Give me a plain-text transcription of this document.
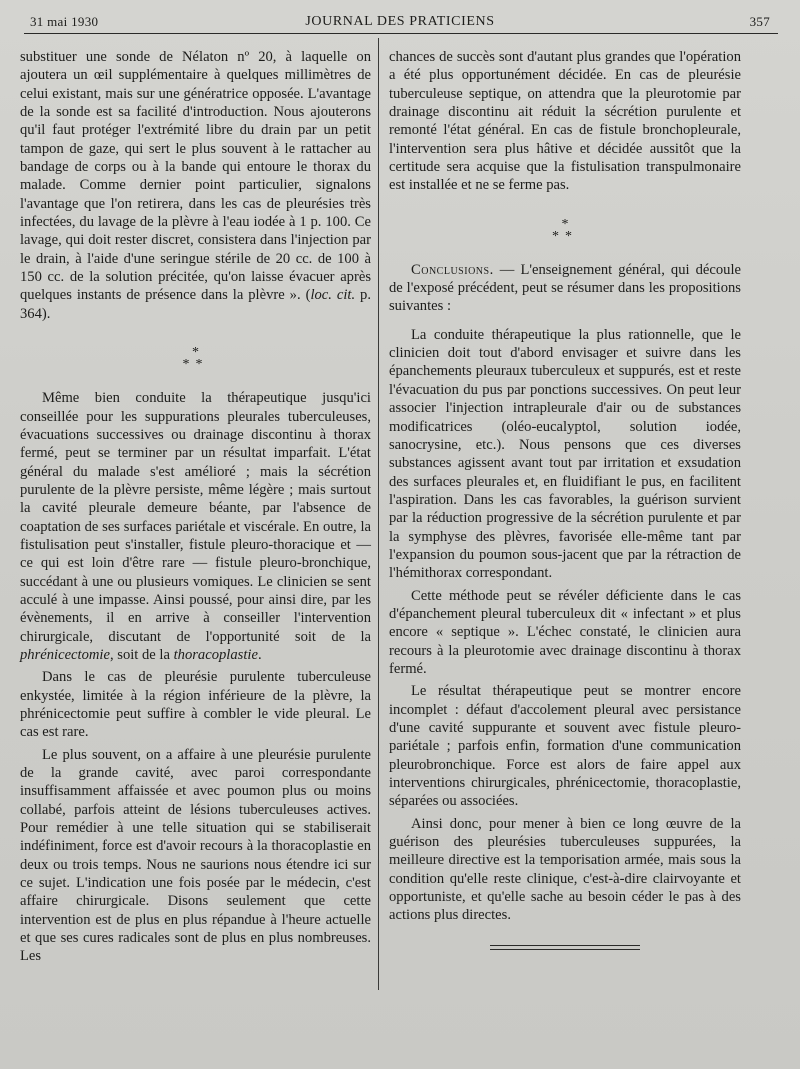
31 mai 1930	JOURNAL DES PRATICIENS	357

substituer une sonde de Nélaton nº 20, à laquelle on ajoutera un œil supplémentaire à quelques millimètres de celui existant, mais sur une génératrice opposée. L'avantage de la sonde est sa facilité d'introduction. Nous ajouterons qu'il faut protéger l'extrémité libre du drain par un petit tampon de gaze, qui sert le plus souvent à le rattacher au bandage de corps ou à la bande qui entoure le thorax du malade. Comme dernier point particulier, signalons l'avantage que l'on retirera, dans les cas de pleurésies très infectées, du lavage de la plèvre à l'eau iodée à 1 p. 100. Ce lavage, qui doit rester discret, consistera dans l'injection par le drain, à l'aide d'une seringue stérile de 20 cc. de 100 à 150 cc. de la solution précitée, qu'on laisse évacuer après quelques instants de présence dans la plèvre ». (loc. cit. p. 364).

*
**

Même bien conduite la thérapeutique jusqu'ici conseillée pour les suppurations pleurales tuberculeuses, évacuations successives ou drainage discontinu à thorax fermé, peut se terminer par un résultat imparfait. L'état général du malade s'est amélioré ; mais la sécrétion purulente de la plèvre persiste, même légère ; mais surtout la cavité pleurale demeure béante, par l'absence de coaptation de ses surfaces pariétale et viscérale. En outre, la fistulisation peut s'installer, fistule pleuro-thoracique et — ce qui est loin d'être rare — fistule pleuro-bronchique, succédant à une ou plusieurs vomiques. Le clinicien se sent acculé à une impasse. Ainsi poussé, pour ainsi dire, par les évènements, il en arrive à conseiller l'intervention chirurgicale, discutant de l'opportunité soit de la phrénicectomie, soit de la thoracoplastie.

Dans le cas de pleurésie purulente tuberculeuse enkystée, limitée à la région inférieure de la plèvre, la phrénicectomie peut suffire à combler le vide pleural. Le cas est rare.

Le plus souvent, on a affaire à une pleurésie purulente de la grande cavité, avec paroi correspondante insuffisamment affaissée et avec poumon plus ou moins collabé, parfois atteint de lésions tuberculeuses actives. Pour remédier à une telle situation qui se stabiliserait indéfiniment, force est d'avoir recours à la thoracoplastie en deux ou trois temps. Nous ne saurions nous étendre ici sur ce sujet. L'indication une fois posée par le médecin, c'est affaire chirurgicale. Disons seulement que cette intervention est de plus en plus répandue à l'heure actuelle et que ses cures radicales sont de plus en plus nombreuses. Les

chances de succès sont d'autant plus grandes que l'opération a été plus opportunément décidée. En cas de pleurésie tuberculeuse septique, on attendra que la pleurotomie par drainage discontinu ait réduit la sécrétion purulente et remonté l'état général. En cas de fistule bronchopleurale, l'intervention sera plus hâtive et décidée aussitôt que la certitude sera acquise que la fistulisation transpulmonaire est installée et ne se ferme pas.

*
**

Conclusions. — L'enseignement général, qui découle de l'exposé précédent, peut se résumer dans les propositions suivantes :

La conduite thérapeutique la plus rationnelle, que le clinicien doit tout d'abord envisager et suivre dans les épanchements pleuraux tuberculeux et suppurés, est et reste l'évacuation du pus par ponctions successives. On peut leur associer l'injection intrapleurale d'air ou de substances modificatrices (oléo-eucalyptol, solution iodée, sanocrysine, etc.). Nous pensons que ces diverses substances agissent avant tout par irritation et exsudation des surfaces pleurales et, en fluidifiant le pus, en facilitent l'aspiration. Dans les cas favorables, la guérison survient par la réduction progressive de la sécrétion purulente et par la symphyse des plèvres, favorisée elle-même tant par l'expansion du poumon sous-jacent que par la rétraction de l'hémithorax correspondant.

Cette méthode peut se révéler déficiente dans le cas d'épanchement pleural tuberculeux dit « infectant » et plus encore « septique ». L'échec constaté, le clinicien aura recours à la pleurotomie avec drainage discontinu à thorax fermé.

Le résultat thérapeutique peut se montrer encore incomplet : défaut d'accolement pleural avec persistance d'une cavité suppurante et souvent avec fistule pleuro-pariétale ; parfois enfin, formation d'une communication pleurobronchique. Force est alors de faire appel aux interventions chirurgicales, phrénicectomie, thoracoplastie, séparées ou associées.

Ainsi donc, pour mener à bien ce long œuvre de la guérison des pleurésies tuberculeuses suppurées, la meilleure directive est la temporisation armée, mais sous la condition qu'elle reste clinique, c'est-à-dire clairvoyante et opportuniste, et qu'elle sache au besoin céder le pas à des actions plus directes.
